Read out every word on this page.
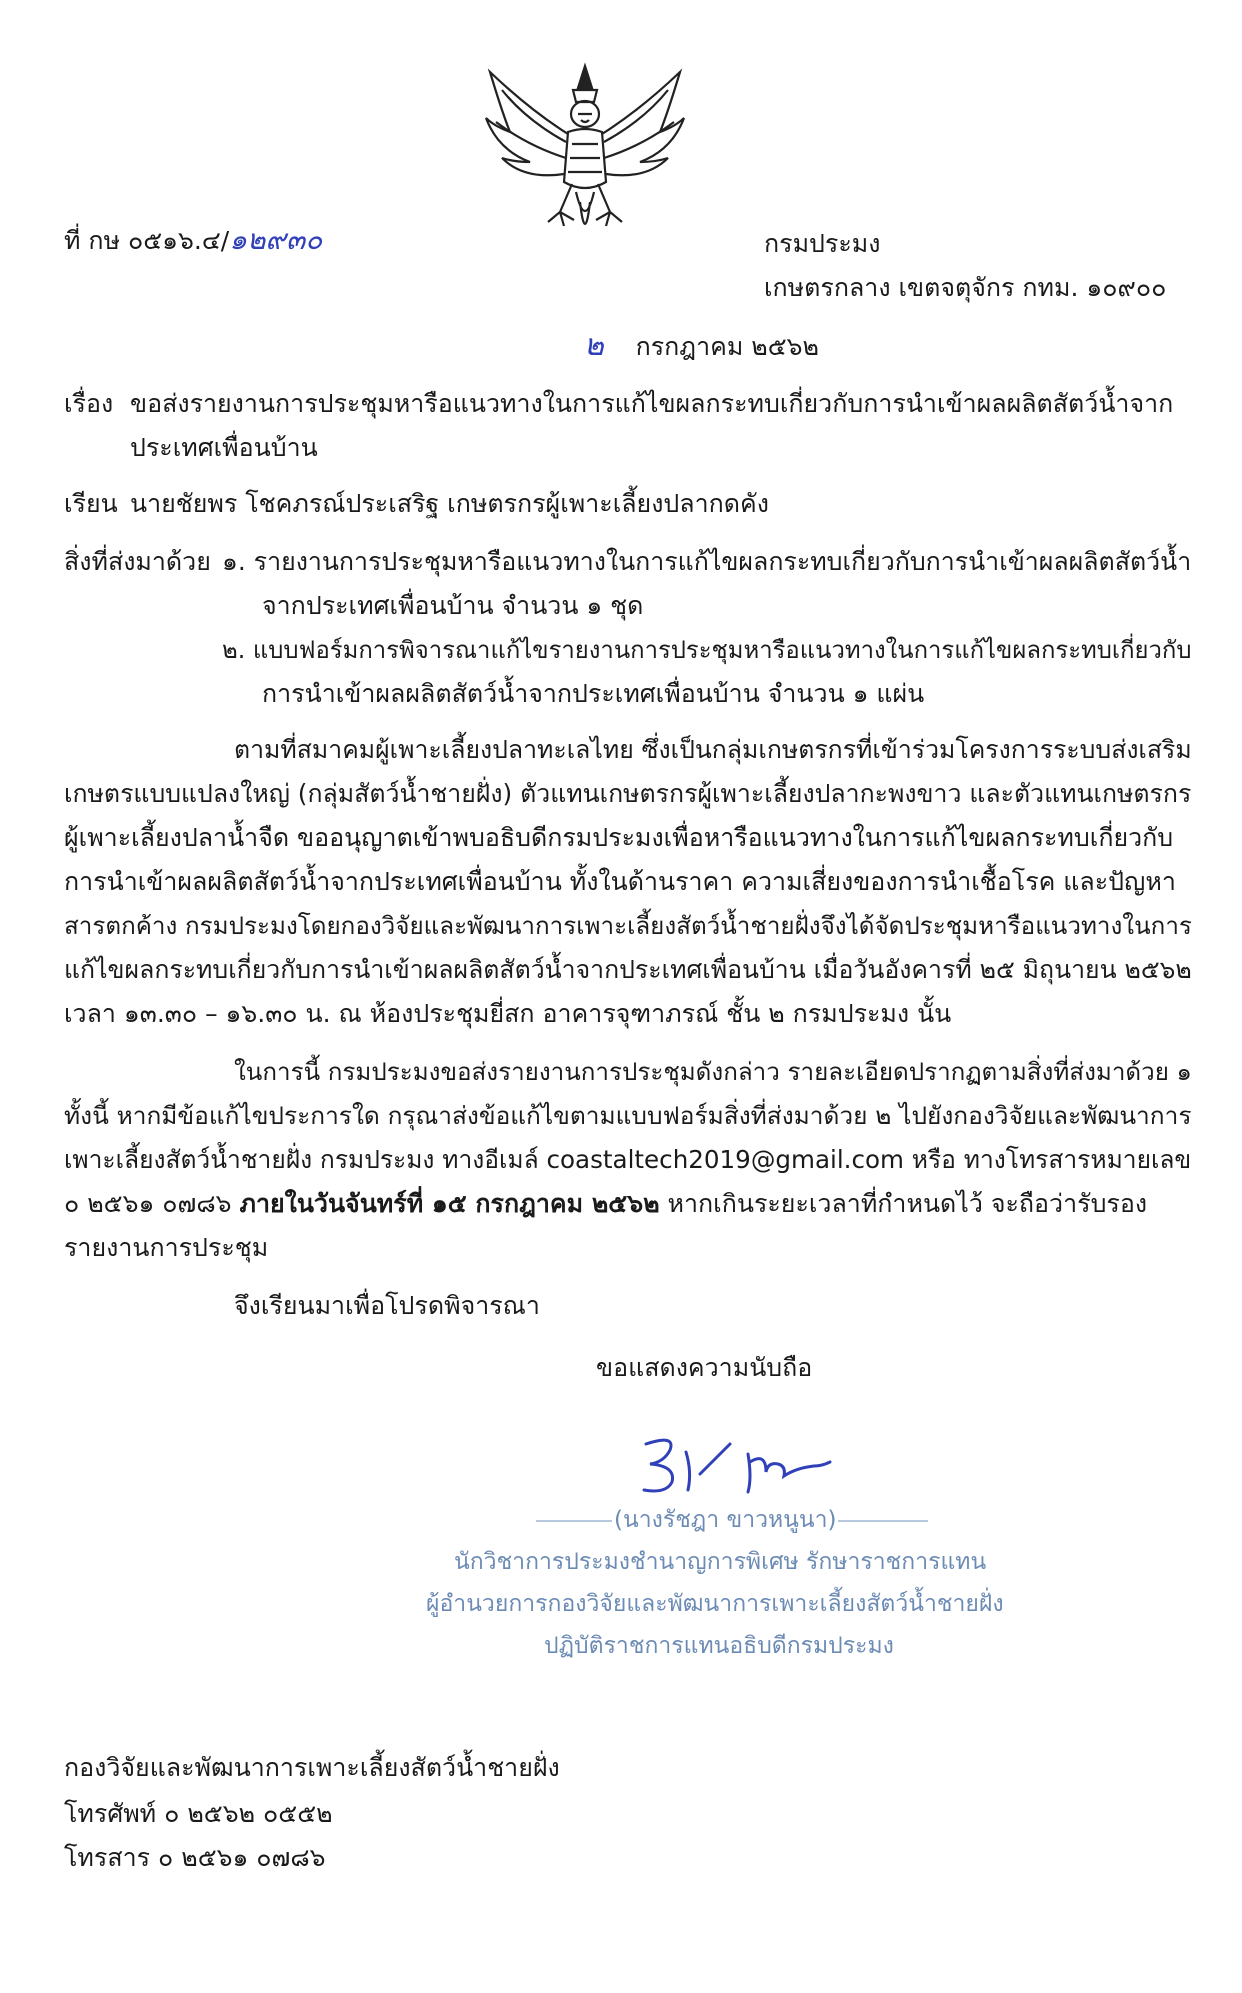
ที่ กษ ๐๕๑๖.๔/๑๒๙๓๐	กรมประมง
เกษตรกลาง เขตจตุจักร กทม. ๑๐๙๐๐
๒ กรกฎาคม ๒๕๖๒
เรื่อง ขอส่งรายงานการประชุมหารือแนวทางในการแก้ไขผลกระทบเกี่ยวกับการนำเข้าผลผลิตสัตว์น้ำจาก
ประเทศเพื่อนบ้าน
เรียน นายชัยพร โชคภรณ์ประเสริฐ เกษตรกรผู้เพาะเลี้ยงปลากดคัง
สิ่งที่ส่งมาด้วย ๑. รายงานการประชุมหารือแนวทางในการแก้ไขผลกระทบเกี่ยวกับการนำเข้าผลผลิตสัตว์น้ำ
จากประเทศเพื่อนบ้าน จำนวน ๑ ชุด
๒. แบบฟอร์มการพิจารณาแก้ไขรายงานการประชุมหารือแนวทางในการแก้ไขผลกระทบเกี่ยวกับ
การนำเข้าผลผลิตสัตว์น้ำจากประเทศเพื่อนบ้าน จำนวน ๑ แผ่น
ตามที่สมาคมผู้เพาะเลี้ยงปลาทะเลไทย ซึ่งเป็นกลุ่มเกษตรกรที่เข้าร่วมโครงการระบบส่งเสริม
เกษตรแบบแปลงใหญ่ (กลุ่มสัตว์น้ำชายฝั่ง) ตัวแทนเกษตรกรผู้เพาะเลี้ยงปลากะพงขาว และตัวแทนเกษตรกร
ผู้เพาะเลี้ยงปลาน้ำจืด ขออนุญาตเข้าพบอธิบดีกรมประมงเพื่อหารือแนวทางในการแก้ไขผลกระทบเกี่ยวกับ
การนำเข้าผลผลิตสัตว์น้ำจากประเทศเพื่อนบ้าน ทั้งในด้านราคา ความเสี่ยงของการนำเชื้อโรค และปัญหา
สารตกค้าง กรมประมงโดยกองวิจัยและพัฒนาการเพาะเลี้ยงสัตว์น้ำชายฝั่งจึงได้จัดประชุมหารือแนวทางในการ
แก้ไขผลกระทบเกี่ยวกับการนำเข้าผลผลิตสัตว์น้ำจากประเทศเพื่อนบ้าน เมื่อวันอังคารที่ ๒๕ มิถุนายน ๒๕๖๒
เวลา ๑๓.๓๐ – ๑๖.๓๐ น. ณ ห้องประชุมยี่สก อาคารจุฑาภรณ์ ชั้น ๒ กรมประมง นั้น
ในการนี้ กรมประมงขอส่งรายงานการประชุมดังกล่าว รายละเอียดปรากฏตามสิ่งที่ส่งมาด้วย ๑
ทั้งนี้ หากมีข้อแก้ไขประการใด กรุณาส่งข้อแก้ไขตามแบบฟอร์มสิ่งที่ส่งมาด้วย ๒ ไปยังกองวิจัยและพัฒนาการ
เพาะเลี้ยงสัตว์น้ำชายฝั่ง กรมประมง ทางอีเมล์ coastaltech2019@gmail.com หรือ ทางโทรสารหมายเลข
๐ ๒๕๖๑ ๐๗๘๖ ภายในวันจันทร์ที่ ๑๕ กรกฎาคม ๒๕๖๒ หากเกินระยะเวลาที่กำหนดไว้ จะถือว่ารับรอง
รายงานการประชุม
จึงเรียนมาเพื่อโปรดพิจารณา
ขอแสดงความนับถือ
(นางรัชฎา ขาวหนูนา)
นักวิชาการประมงชำนาญการพิเศษ รักษาราชการแทน
ผู้อำนวยการกองวิจัยและพัฒนาการเพาะเลี้ยงสัตว์น้ำชายฝั่ง
ปฏิบัติราชการแทนอธิบดีกรมประมง
กองวิจัยและพัฒนาการเพาะเลี้ยงสัตว์น้ำชายฝั่ง
โทรศัพท์ ๐ ๒๕๖๒ ๐๕๕๒
โทรสาร ๐ ๒๕๖๑ ๐๗๘๖
